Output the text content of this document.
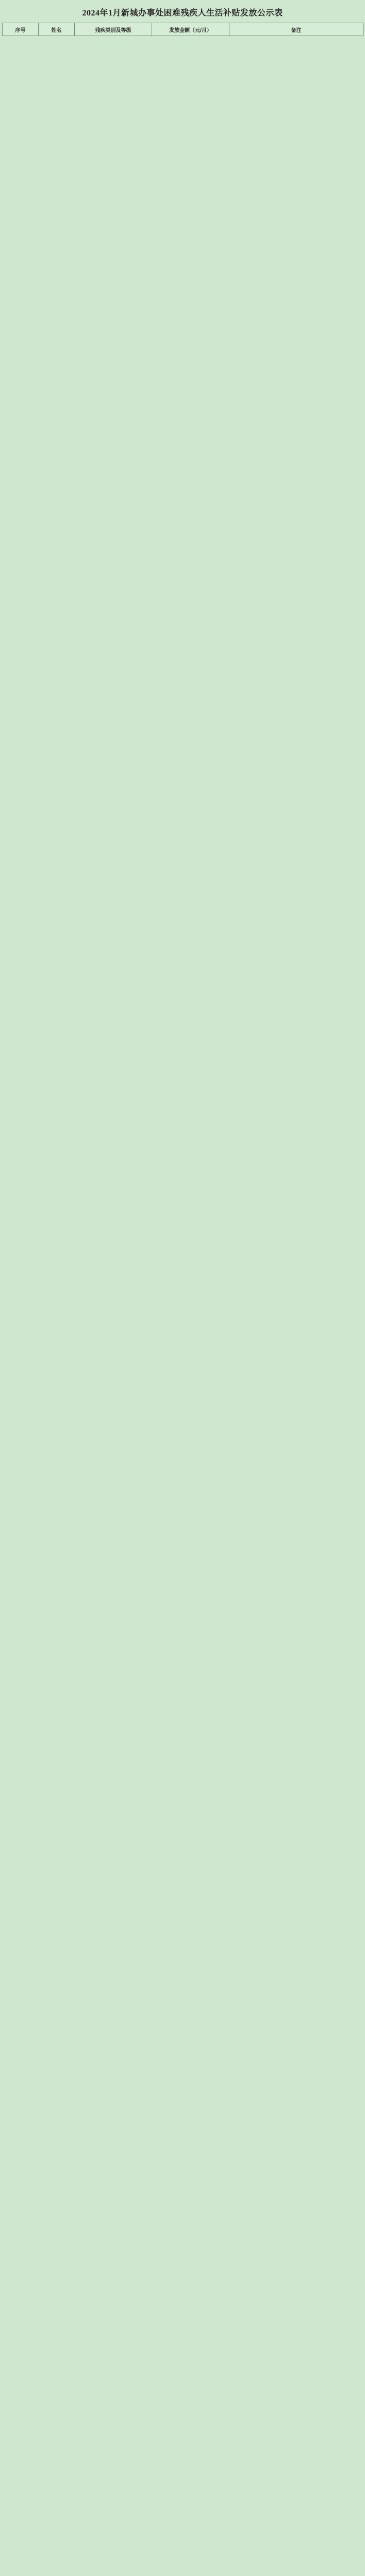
2024年1月新城办事处困难残疾人生活补贴发放公示表
序号	姓名	残疾类别及等级	发放金额（元/月）	备注
